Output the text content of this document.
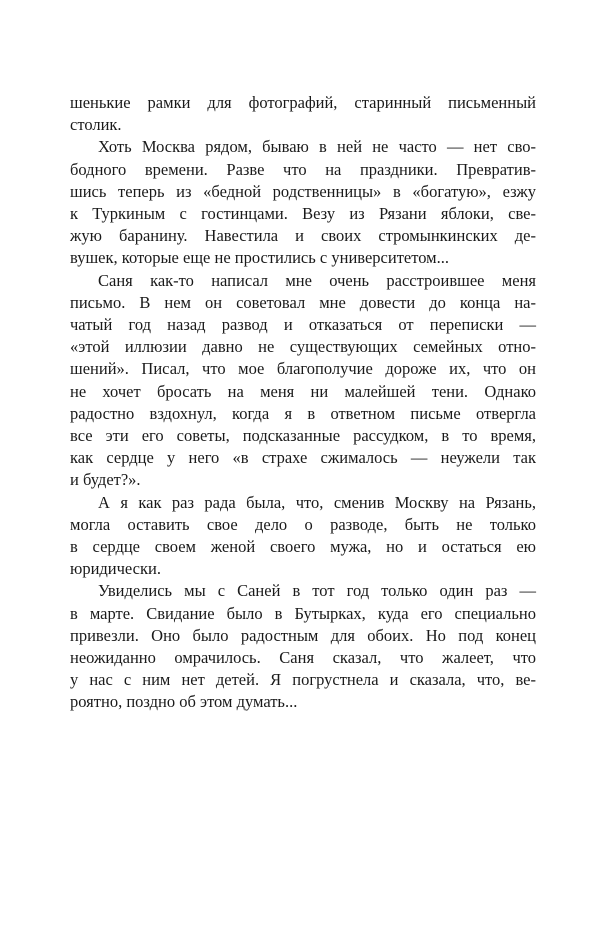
шенькие рамки для фотографий, старинный письменный
столик.
Хоть Москва рядом, бываю в ней не часто — нет сво-
бодного времени. Разве что на праздники. Превратив-
шись теперь из «бедной родственницы» в «богатую», езжу
к Туркиным с гостинцами. Везу из Рязани яблоки, све-
жую баранину. Навестила и своих стромынкинских де-
вушек, которые еще не простились с университетом...
Саня как-то написал мне очень расстроившее меня
письмо. В нем он советовал мне довести до конца на-
чатый год назад развод и отказаться от переписки —
«этой иллюзии давно не существующих семейных отно-
шений». Писал, что мое благополучие дороже их, что он
не хочет бросать на меня ни малейшей тени. Однако
радостно вздохнул, когда я в ответном письме отвергла
все эти его советы, подсказанные рассудком, в то время,
как сердце у него «в страхе сжималось — неужели так
и будет?».
А я как раз рада была, что, сменив Москву на Рязань,
могла оставить свое дело о разводе, быть не только
в сердце своем женой своего мужа, но и остаться ею
юридически.
Увиделись мы с Саней в тот год только один раз —
в марте. Свидание было в Бутырках, куда его специально
привезли. Оно было радостным для обоих. Но под конец
неожиданно омрачилось. Саня сказал, что жалеет, что
у нас с ним нет детей. Я погрустнела и сказала, что, ве-
роятно, поздно об этом думать...
